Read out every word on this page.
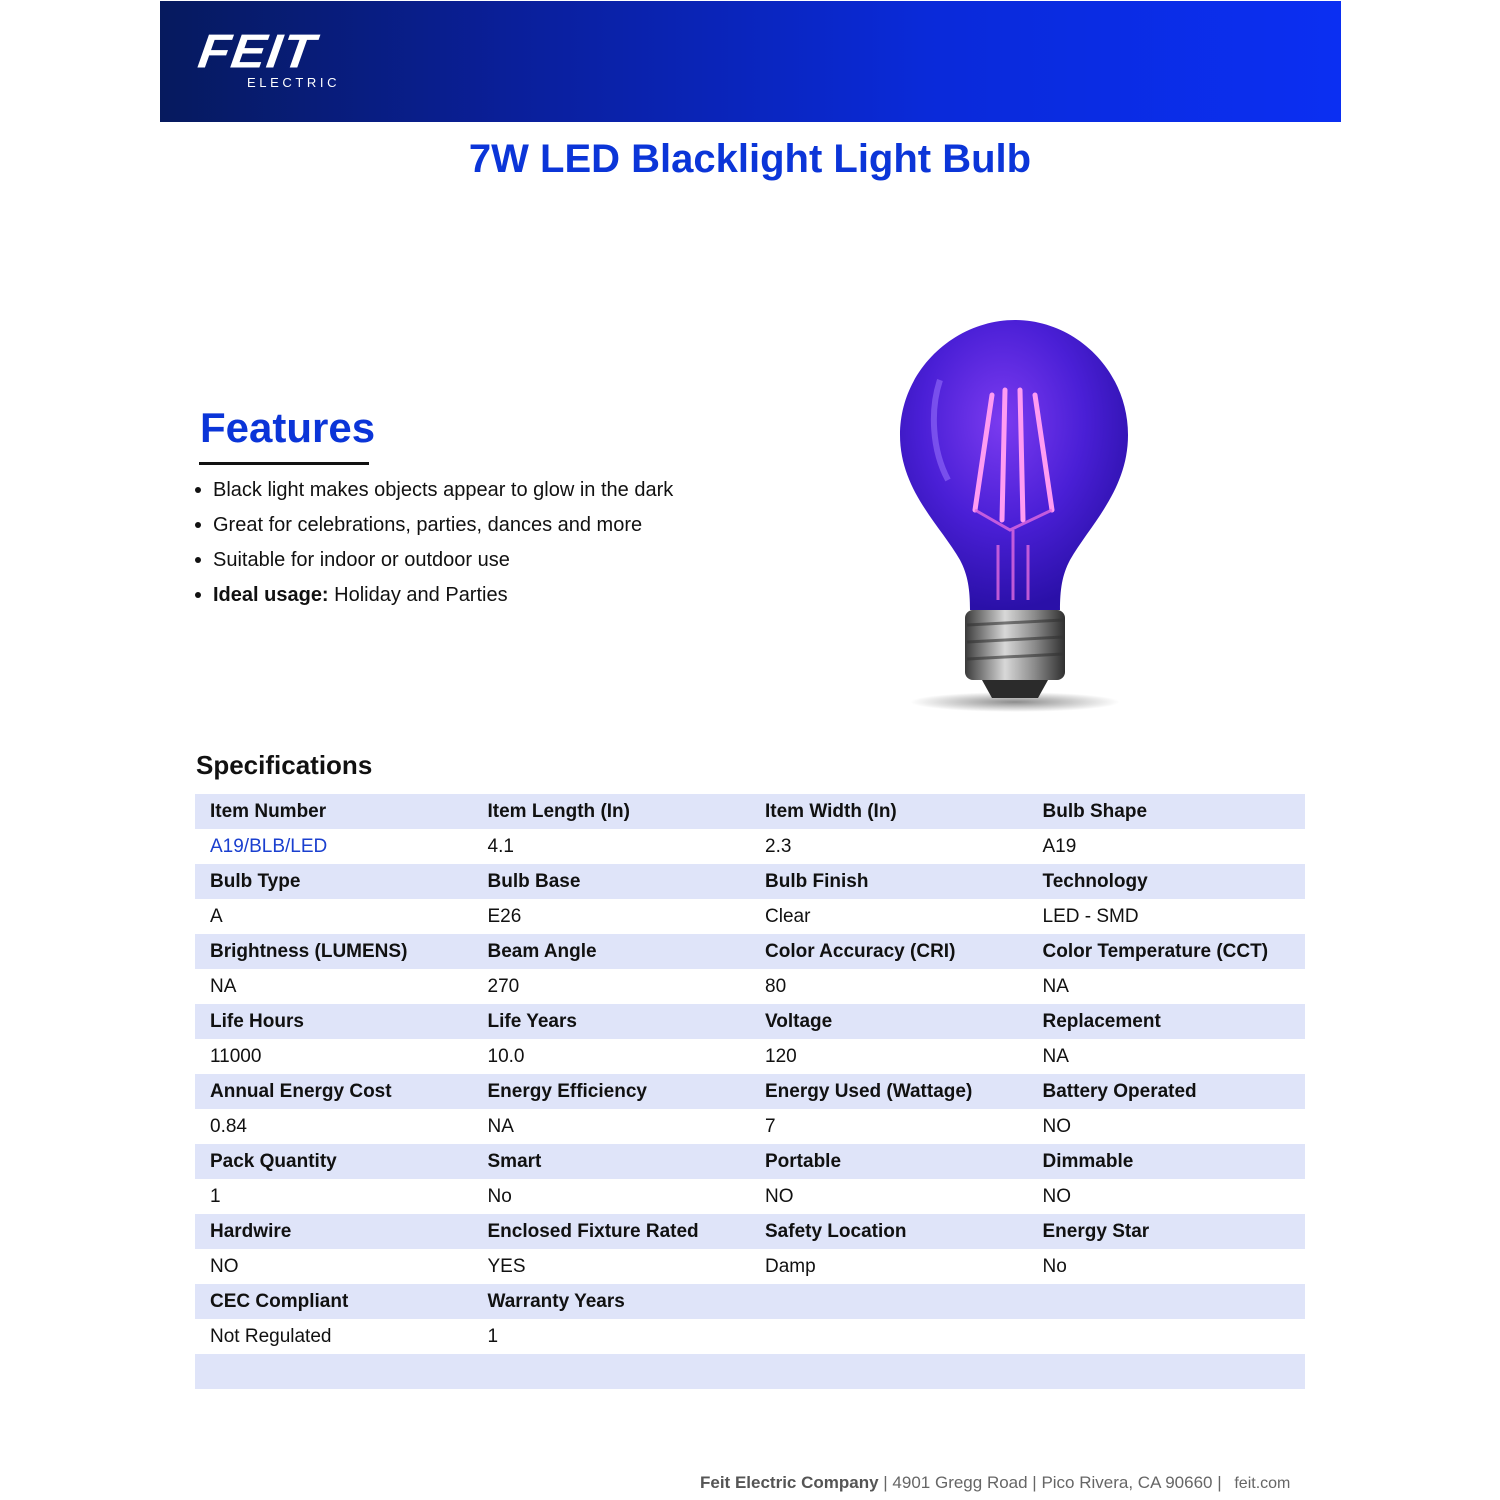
FEIT
ELECTRIC
7W LED Blacklight Light Bulb
Features
Black light makes objects appear to glow in the dark
Great for celebrations, parties, dances and more
Suitable for indoor or outdoor use
Ideal usage: Holiday and Parties
Specifications
Item Number	Item Length (In)	Item Width (In)	Bulb Shape
A19/BLB/LED	4.1	2.3	A19
Bulb Type	Bulb Base	Bulb Finish	Technology
A	E26	Clear	LED - SMD
Brightness (LUMENS)	Beam Angle	Color Accuracy (CRI)	Color Temperature (CCT)
NA	270	80	NA
Life Hours	Life Years	Voltage	Replacement
11000	10.0	120	NA
Annual Energy Cost	Energy Efficiency	Energy Used (Wattage)	Battery Operated
0.84	NA	7	NO
Pack Quantity	Smart	Portable	Dimmable
1	No	NO	NO
Hardwire	Enclosed Fixture Rated	Safety Location	Energy Star
NO	YES	Damp	No
CEC Compliant	Warranty Years		
Not Regulated	1		

Feit Electric Company | 4901 Gregg Road | Pico Rivera, CA 90660 | feit.com
